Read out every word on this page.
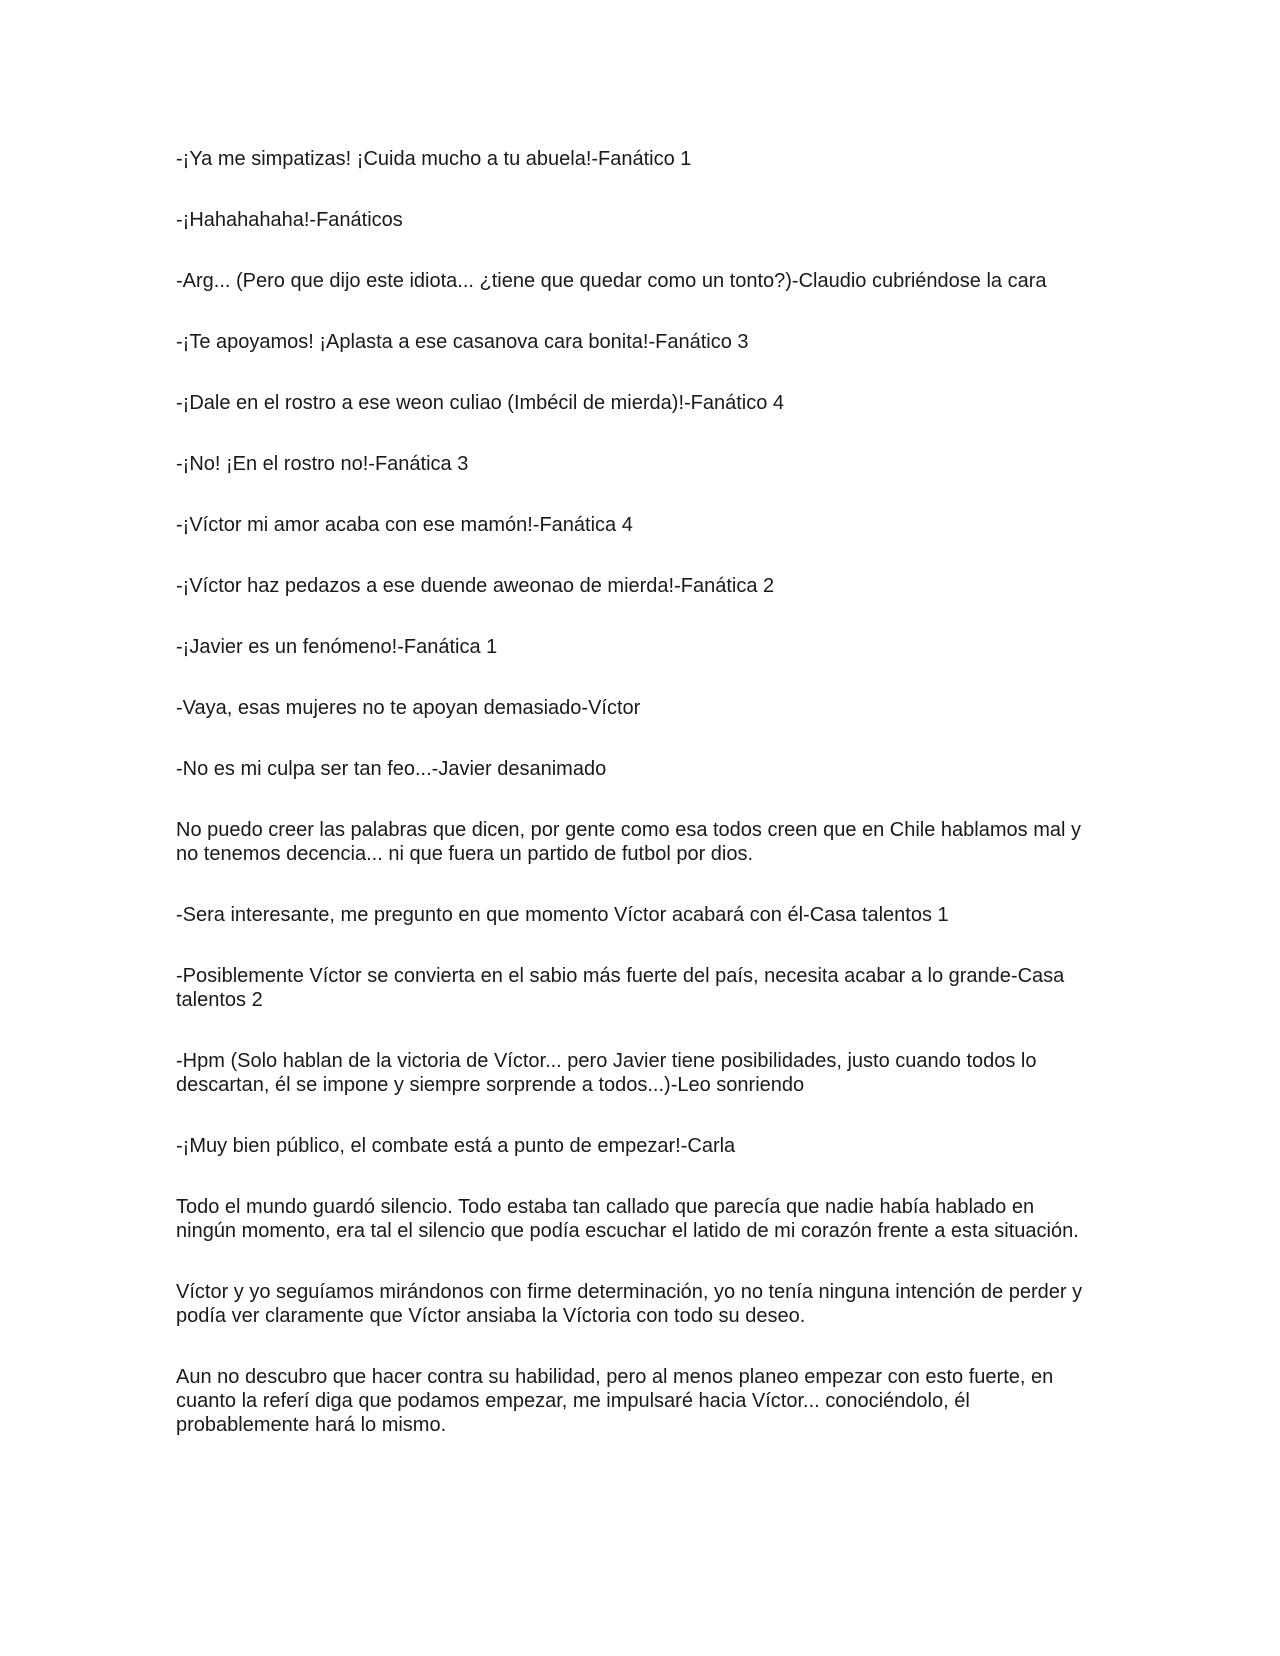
-¡Ya me simpatizas! ¡Cuida mucho a tu abuela!-Fanático 1

-¡Hahahahaha!-Fanáticos

-Arg... (Pero que dijo este idiota... ¿tiene que quedar como un tonto?)-Claudio cubriéndose la cara

-¡Te apoyamos! ¡Aplasta a ese casanova cara bonita!-Fanático 3

-¡Dale en el rostro a ese weon culiao (Imbécil de mierda)!-Fanático 4

-¡No! ¡En el rostro no!-Fanática 3

-¡Víctor mi amor acaba con ese mamón!-Fanática 4

-¡Víctor haz pedazos a ese duende aweonao de mierda!-Fanática 2

-¡Javier es un fenómeno!-Fanática 1

-Vaya, esas mujeres no te apoyan demasiado-Víctor

-No es mi culpa ser tan feo...-Javier desanimado

No puedo creer las palabras que dicen, por gente como esa todos creen que en Chile hablamos mal y no tenemos decencia... ni que fuera un partido de futbol por dios.

-Sera interesante, me pregunto en que momento Víctor acabará con él-Casa talentos 1

-Posiblemente Víctor se convierta en el sabio más fuerte del país, necesita acabar a lo grande-Casa talentos 2

-Hpm (Solo hablan de la victoria de Víctor... pero Javier tiene posibilidades, justo cuando todos lo descartan, él se impone y siempre sorprende a todos...)-Leo sonriendo

-¡Muy bien público, el combate está a punto de empezar!-Carla

Todo el mundo guardó silencio. Todo estaba tan callado que parecía que nadie había hablado en ningún momento, era tal el silencio que podía escuchar el latido de mi corazón frente a esta situación.

Víctor y yo seguíamos mirándonos con firme determinación, yo no tenía ninguna intención de perder y podía ver claramente que Víctor ansiaba la Víctoria con todo su deseo.

Aun no descubro que hacer contra su habilidad, pero al menos planeo empezar con esto fuerte, en cuanto la referí diga que podamos empezar, me impulsaré hacia Víctor... conociéndolo, él probablemente hará lo mismo.
